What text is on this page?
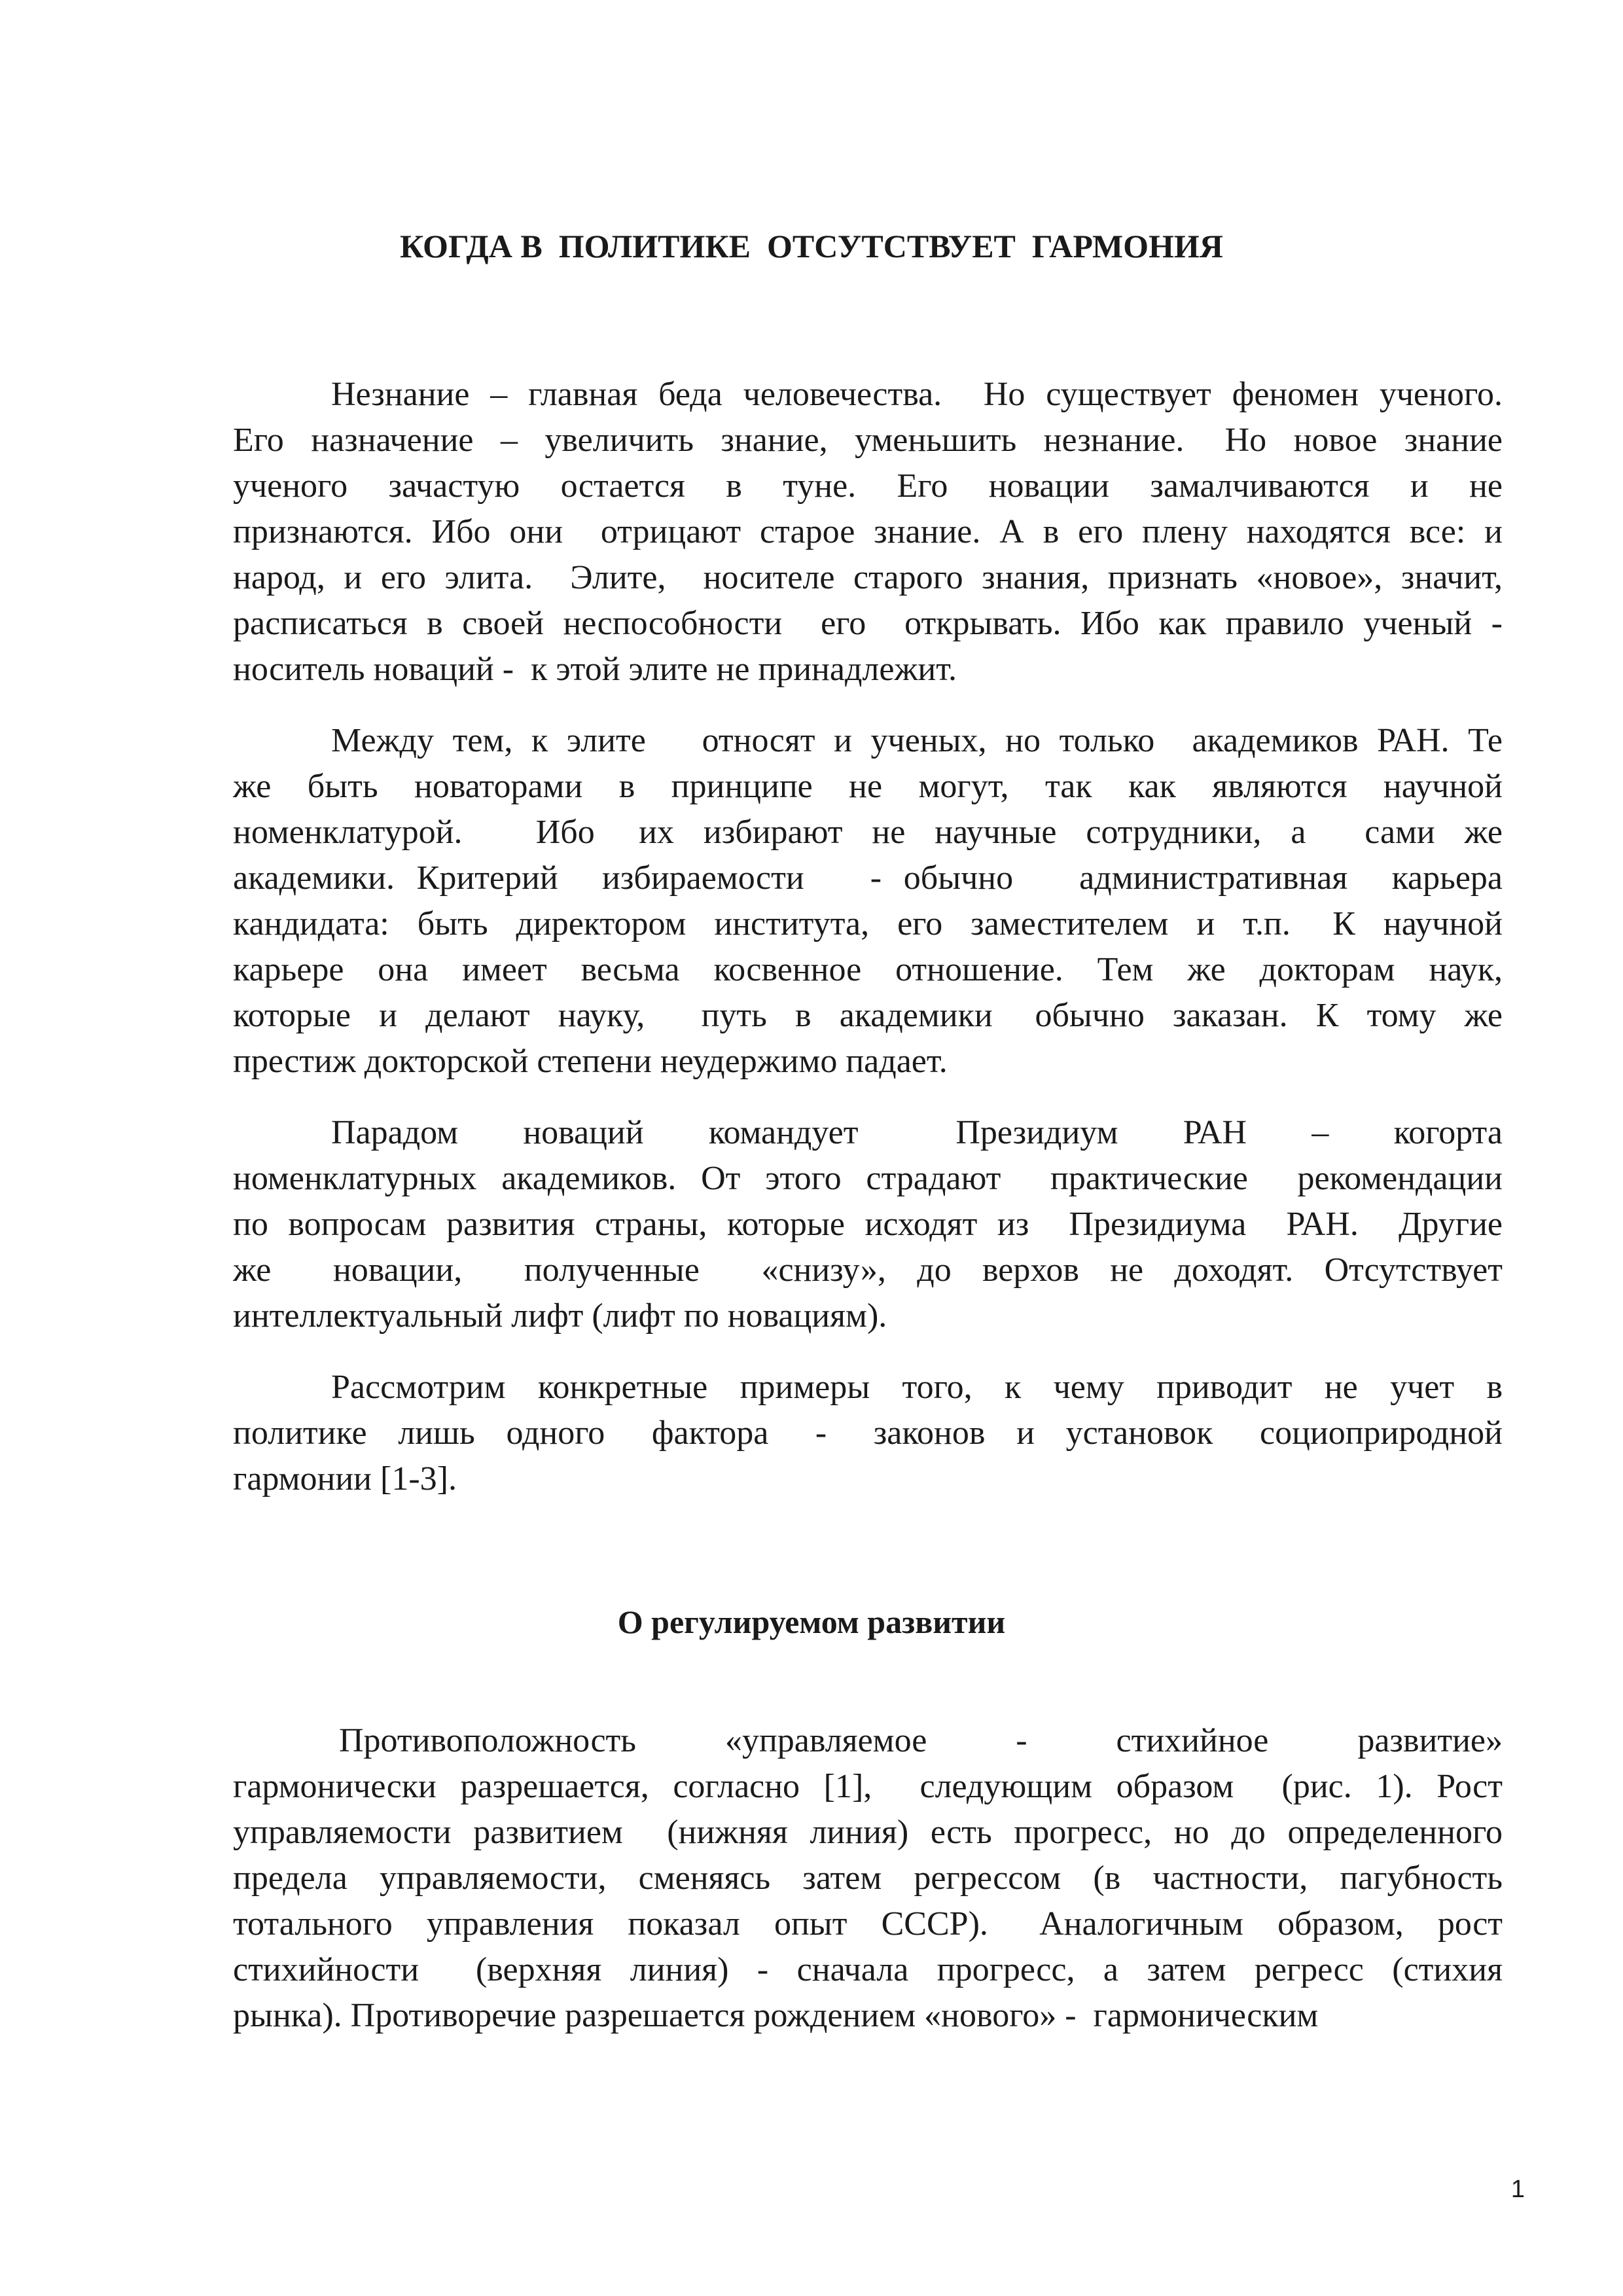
КОГДА В  ПОЛИТИКЕ  ОТСУТСТВУЕТ  ГАРМОНИЯ

Незнание – главная беда человечества.  Но существует феномен ученого.

Его  назначение  –  увеличить  знание,  уменьшить  незнание.   Но  новое  знание

ученого    зачастую    остается    в    туне.    Его    новации    замалчиваются    и    не

признаются. Ибо они  отрицают старое знание. А в его плену находятся все: и

народ, и его элита.  Элите,  носителе старого знания, признать «новое», значит,

расписаться в своей неспособности  его  открывать. Ибо как правило ученый -

носитель новаций -  к этой элите не принадлежит.

Между тем, к элите   относят и ученых, но только  академиков РАН. Те

же  быть  новаторами  в  принципе  не  могут,  так  как  являются  научной

номенклатурой.     Ибо   их  избирают  не  научные  сотрудники,  а    сами  же

академики. Критерий  избираемости   - обычно   административная  карьера

кандидата:  быть  директором  института,  его  заместителем  и  т.п.   К  научной

карьере  она  имеет  весьма  косвенное  отношение.  Тем  же  докторам  наук,

которые  и  делают  науку,    путь  в  академики   обычно  заказан.  К  тому  же

престиж докторской степени неудержимо падает.

Парадом    новаций    командует      Президиум    РАН    –    когорта

номенклатурных академиков. От этого страдают  практические  рекомендации

по вопросам развития страны, которые исходят из  Президиума  РАН.  Другие

же    новации,    полученные    «снизу»,  до  верхов  не  доходят.  Отсутствует

интеллектуальный лифт (лифт по новациям).

Рассмотрим  конкретные  примеры  того,  к  чему  приводит  не  учет  в

политике  лишь  одного   фактора   -   законов  и  установок   социоприродной

гармонии [1-3].

О регулируемом развитии

Противоположность      «управляемое      -      стихийное      развитие»

гармонически разрешается, согласно [1],  следующим образом  (рис. 1). Рост

управляемости развитием  (нижняя линия) есть прогресс, но до определенного

предела  управляемости,  сменяясь  затем  регрессом  (в  частности,  пагубность

тотального  управления  показал  опыт  СССР).   Аналогичным  образом,  рост

стихийности    (верхняя  линия)  -  сначала  прогресс,  а  затем  регресс  (стихия

рынка). Противоречие разрешается рождением «нового» -  гармоническим

1
